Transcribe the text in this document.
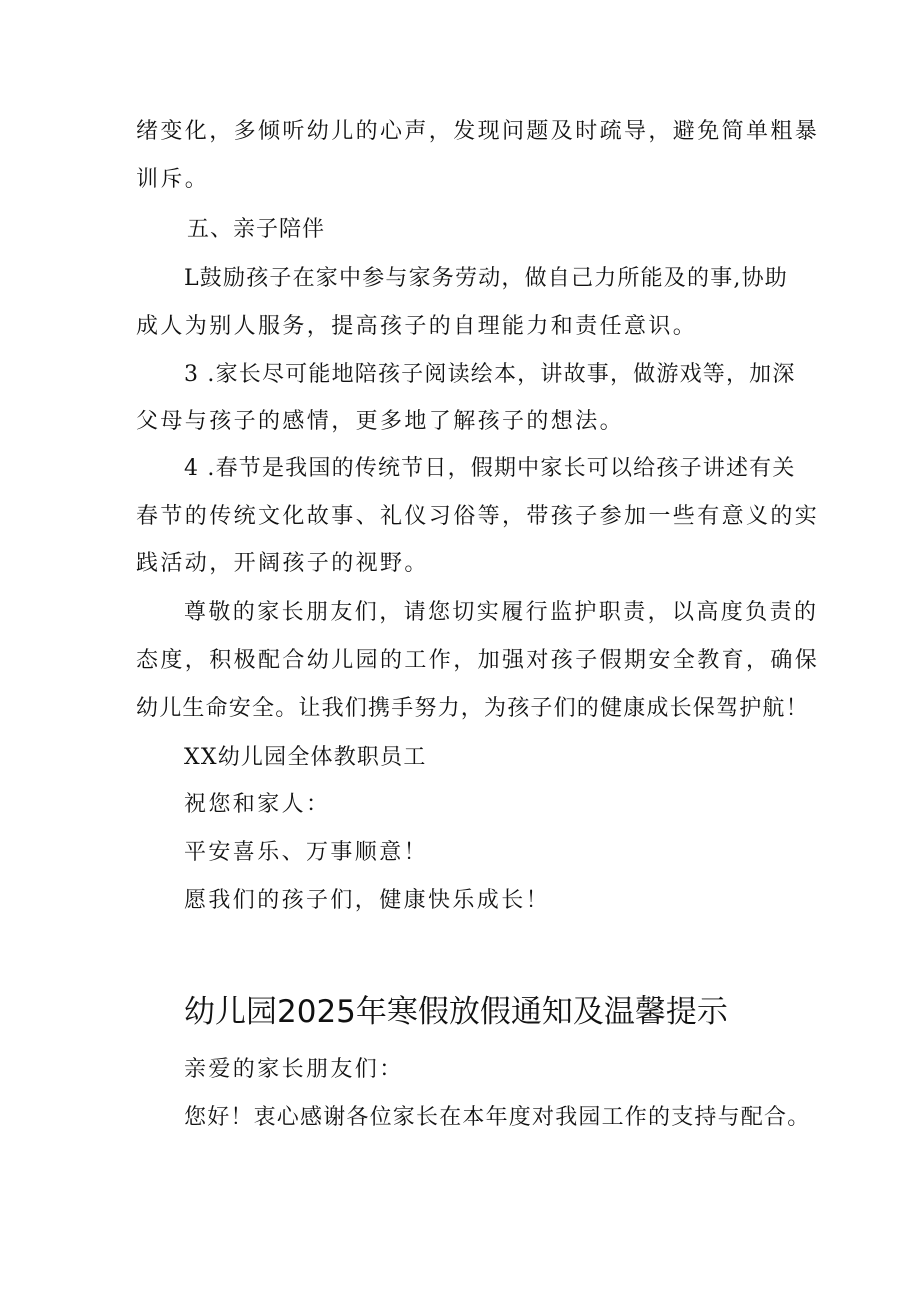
绪变化，多倾听幼儿的心声，发现问题及时疏导，避免简单粗暴
训斥。
五、亲子陪伴
L鼓励孩子在家中参与家务劳动，做自己力所能及的事,协助
成人为别人服务，提高孩子的自理能力和责任意识。
3 .家长尽可能地陪孩子阅读绘本，讲故事，做游戏等，加深
父母与孩子的感情，更多地了解孩子的想法。
4 .春节是我国的传统节日，假期中家长可以给孩子讲述有关
春节的传统文化故事、礼仪习俗等，带孩子参加一些有意义的实
践活动，开阔孩子的视野。
尊敬的家长朋友们，请您切实履行监护职责，以高度负责的
态度，积极配合幼儿园的工作，加强对孩子假期安全教育，确保
幼儿生命安全。让我们携手努力，为孩子们的健康成长保驾护航！
XX幼儿园全体教职员工
祝您和家人：
平安喜乐、万事顺意！
愿我们的孩子们，健康快乐成长！
幼儿园2025年寒假放假通知及温馨提示
亲爱的家长朋友们：
您好！衷心感谢各位家长在本年度对我园工作的支持与配合。
